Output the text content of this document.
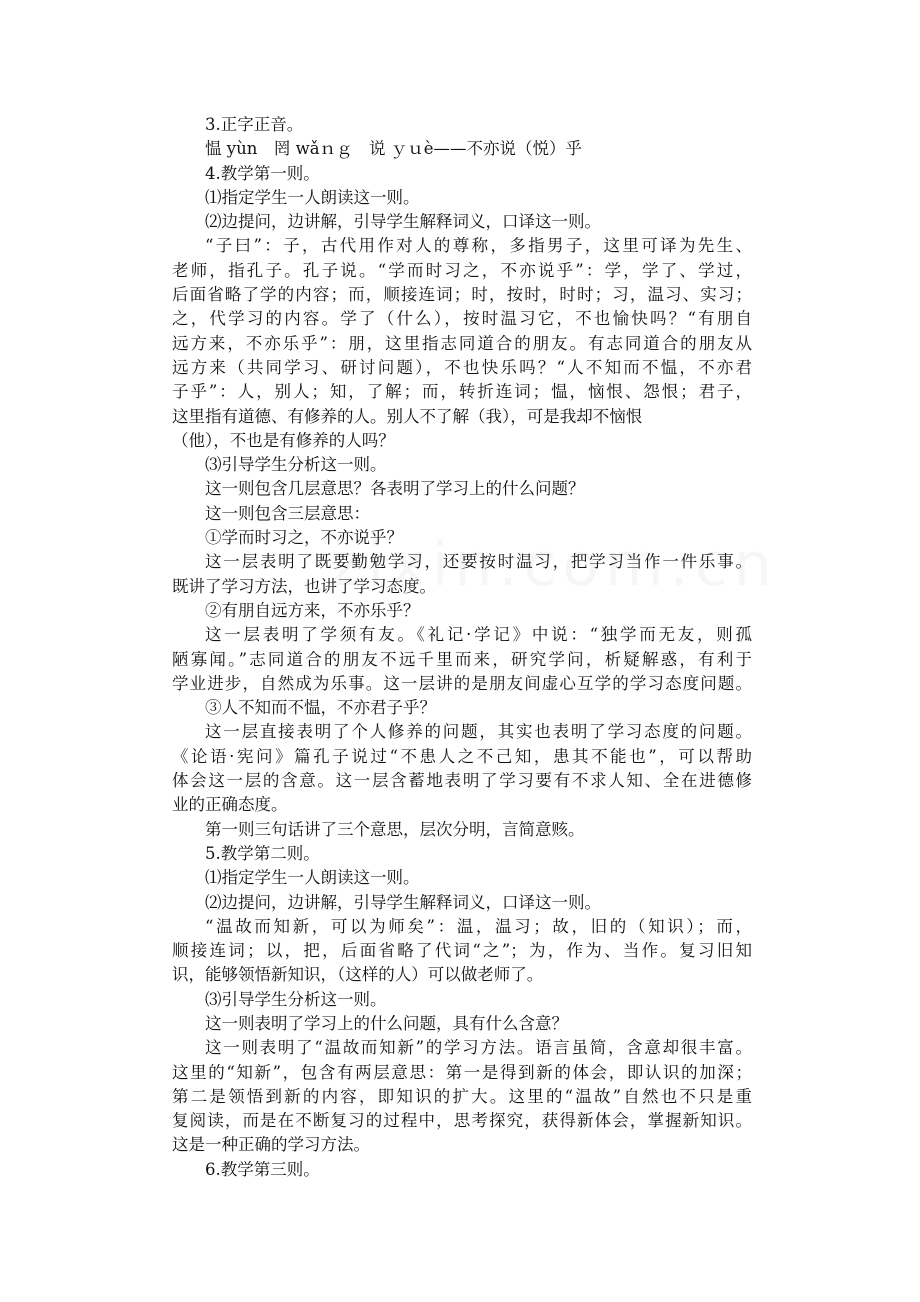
3.正字正音。
愠 yùn　罔 wǎｎｇ　说 ｙｕè——不亦说（悦）乎
4.教学第一则。
⑴指定学生一人朗读这一则。
⑵边提问，边讲解，引导学生解释词义，口译这一则。
“子曰”：子，古代用作对人的尊称，多指男子，这里可译为先生、
老师，指孔子。孔子说。“学而时习之，不亦说乎”：学，学了、学过，
后面省略了学的内容；而，顺接连词；时，按时，时时；习，温习、实习；
之，代学习的内容。学了（什么），按时温习它，不也愉快吗？“有朋自
远方来，不亦乐乎”：朋，这里指志同道合的朋友。有志同道合的朋友从
远方来（共同学习、研讨问题），不也快乐吗？“人不知而不愠，不亦君
子乎”：人，别人；知，了解；而，转折连词；愠，恼恨、怨恨；君子，
这里指有道德、有修养的人。别人不了解（我），可是我却不恼恨
（他），不也是有修养的人吗？
⑶引导学生分析这一则。
这一则包含几层意思？各表明了学习上的什么问题？
这一则包含三层意思：
①学而时习之，不亦说乎？
这一层表明了既要勤勉学习，还要按时温习，把学习当作一件乐事。
既讲了学习方法，也讲了学习态度。
②有朋自远方来，不亦乐乎？
这一层表明了学须有友。《礼记·学记》中说：“独学而无友，则孤
陋寡闻。”志同道合的朋友不远千里而来，研究学问，析疑解惑，有利于
学业进步，自然成为乐事。这一层讲的是朋友间虚心互学的学习态度问题。
③人不知而不愠，不亦君子乎？
这一层直接表明了个人修养的问题，其实也表明了学习态度的问题。
《论语·宪问》篇孔子说过“不患人之不己知，患其不能也”，可以帮助
体会这一层的含意。这一层含蓄地表明了学习要有不求人知、全在进德修
业的正确态度。
第一则三句话讲了三个意思，层次分明，言简意赅。
5.教学第二则。
⑴指定学生一人朗读这一则。
⑵边提问，边讲解，引导学生解释词义，口译这一则。
“温故而知新，可以为师矣”：温，温习；故，旧的（知识）；而，
顺接连词；以，把，后面省略了代词“之”；为，作为、当作。复习旧知
识，能够领悟新知识，（这样的人）可以做老师了。
⑶引导学生分析这一则。
这一则表明了学习上的什么问题，具有什么含意？
这一则表明了“温故而知新”的学习方法。语言虽简，含意却很丰富。
这里的“知新”，包含有两层意思：第一是得到新的体会，即认识的加深；
第二是领悟到新的内容，即知识的扩大。这里的“温故”自然也不只是重
复阅读，而是在不断复习的过程中，思考探究，获得新体会，掌握新知识。
这是一种正确的学习方法。
6.教学第三则。
